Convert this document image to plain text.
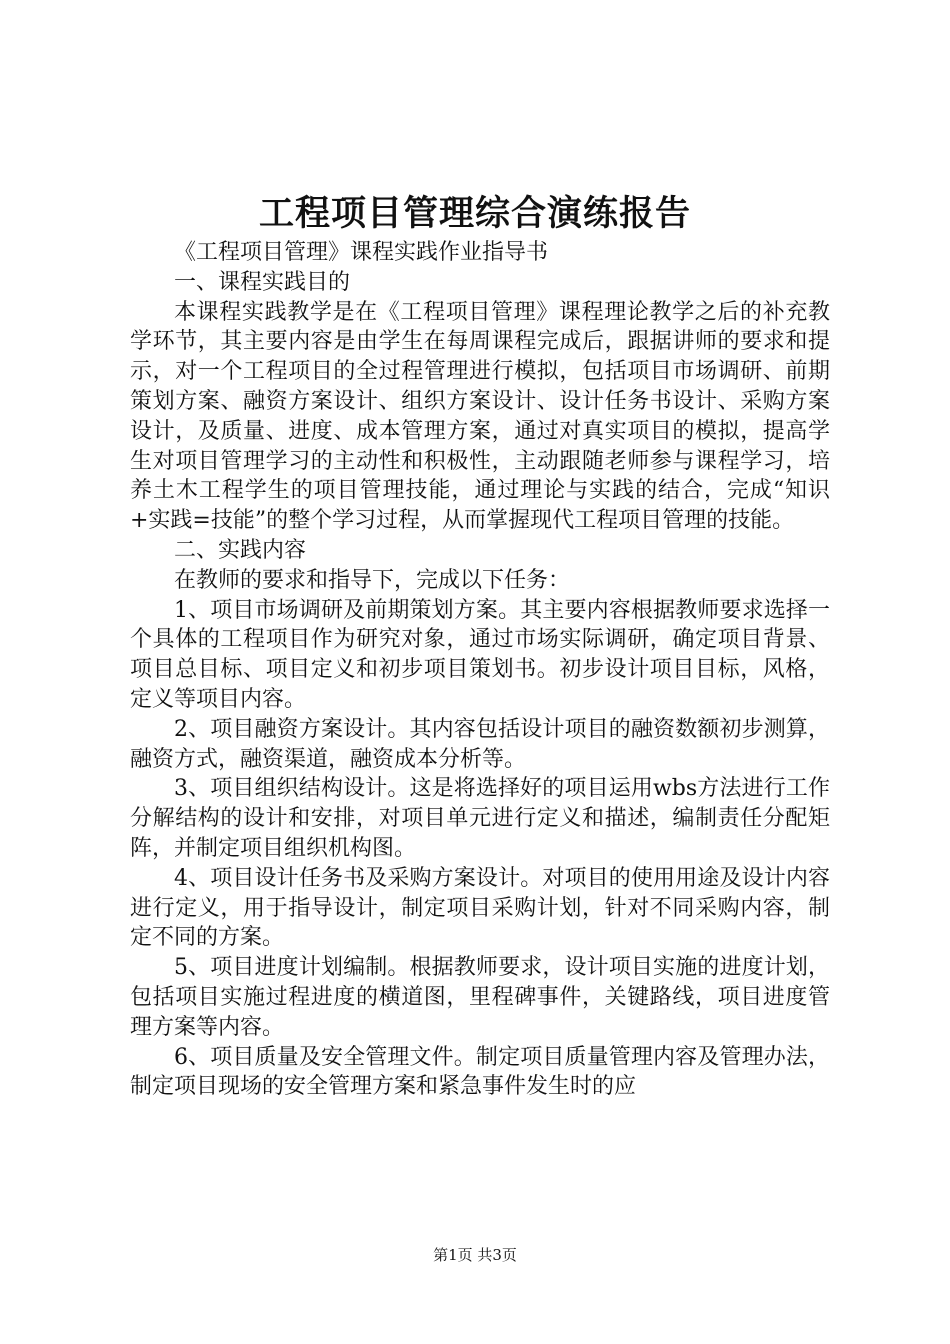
工程项目管理综合演练报告

《工程项目管理》课程实践作业指导书

一、课程实践目的

本课程实践教学是在《工程项目管理》课程理论教学之后的补充教学环节，其主要内容是由学生在每周课程完成后，跟据讲师的要求和提示，对一个工程项目的全过程管理进行模拟，包括项目市场调研、前期策划方案、融资方案设计、组织方案设计、设计任务书设计、采购方案设计，及质量、进度、成本管理方案，通过对真实项目的模拟，提高学生对项目管理学习的主动性和积极性，主动跟随老师参与课程学习，培养土木工程学生的项目管理技能，通过理论与实践的结合，完成“知识+实践=技能”的整个学习过程，从而掌握现代工程项目管理的技能。

二、实践内容

在教师的要求和指导下，完成以下任务：

1、项目市场调研及前期策划方案。其主要内容根据教师要求选择一个具体的工程项目作为研究对象，通过市场实际调研，确定项目背景、项目总目标、项目定义和初步项目策划书。初步设计项目目标，风格，定义等项目内容。

2、项目融资方案设计。其内容包括设计项目的融资数额初步测算，融资方式，融资渠道，融资成本分析等。

3、项目组织结构设计。这是将选择好的项目运用wbs方法进行工作分解结构的设计和安排，对项目单元进行定义和描述，编制责任分配矩阵，并制定项目组织机构图。

4、项目设计任务书及采购方案设计。对项目的使用用途及设计内容进行定义，用于指导设计，制定项目采购计划，针对不同采购内容，制定不同的方案。

5、项目进度计划编制。根据教师要求，设计项目实施的进度计划，包括项目实施过程进度的横道图，里程碑事件，关键路线，项目进度管理方案等内容。

6、项目质量及安全管理文件。制定项目质量管理内容及管理办法，制定项目现场的安全管理方案和紧急事件发生时的应

第1页 共3页
